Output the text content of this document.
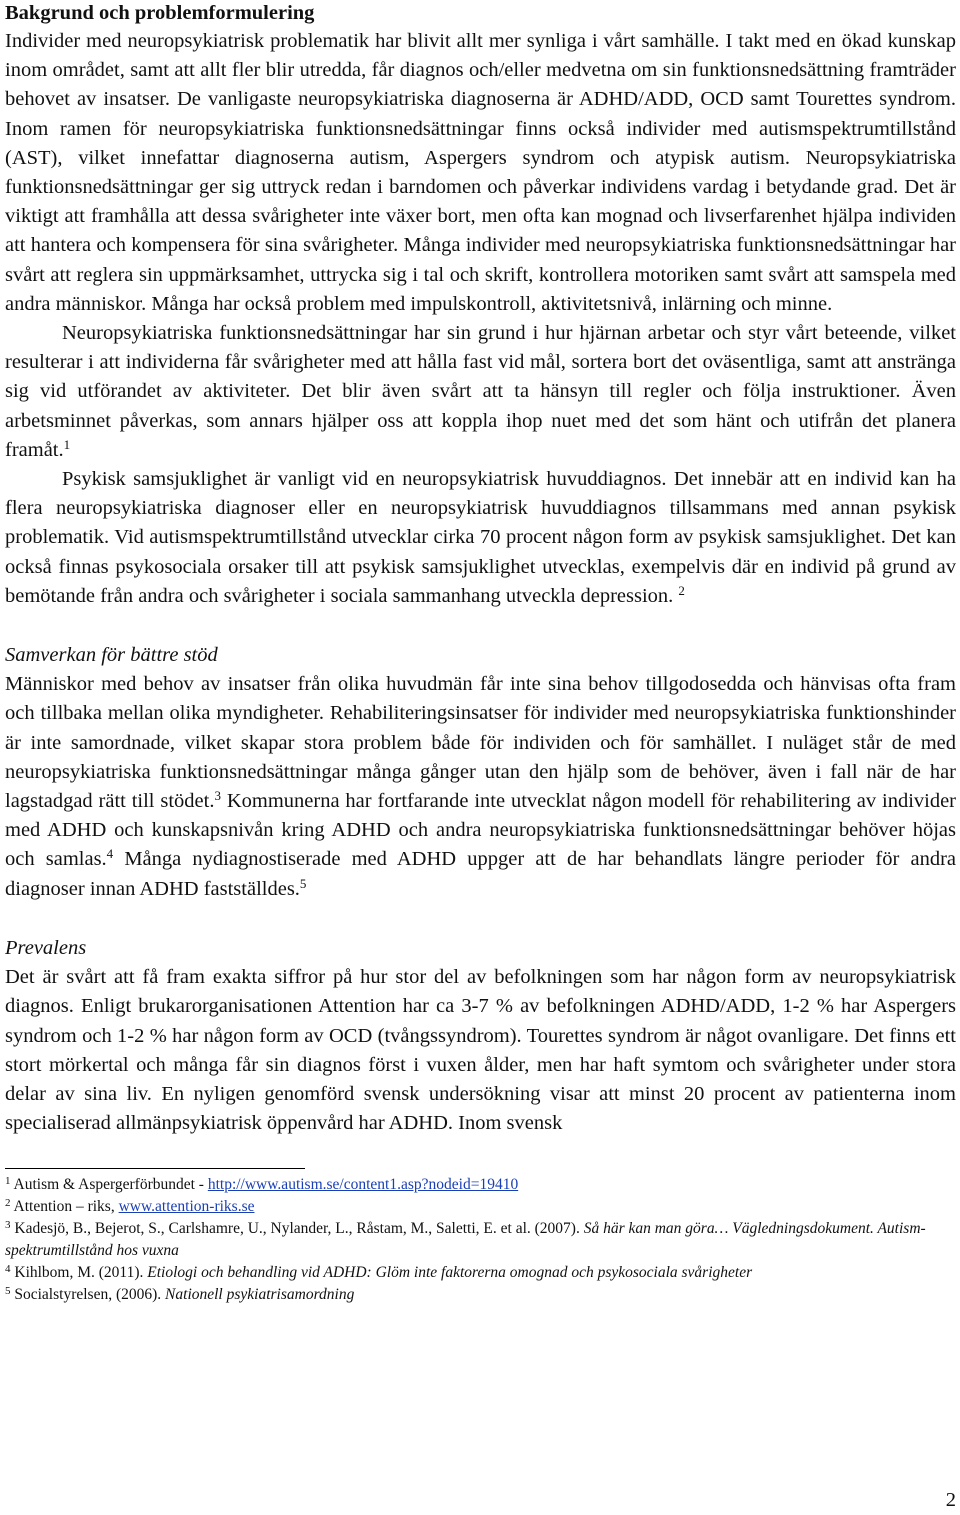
Bakgrund och problemformulering

Individer med neuropsykiatrisk problematik har blivit allt mer synliga i vårt samhälle. I takt med en ökad kunskap inom området, samt att allt fler blir utredda, får diagnos och/eller medvetna om sin funktionsnedsättning framträder behovet av insatser. De vanligaste neuropsykiatriska diagnoserna är ADHD/ADD, OCD samt Tourettes syndrom. Inom ramen för neuropsykiatriska funktionsnedsättningar finns också individer med autismspektrumtillstånd (AST), vilket innefattar diagnoserna autism, Aspergers syndrom och atypisk autism. Neuropsykiatriska funktionsnedsättningar ger sig uttryck redan i barndomen och påverkar individens vardag i betydande grad. Det är viktigt att framhålla att dessa svårigheter inte växer bort, men ofta kan mognad och livserfarenhet hjälpa individen att hantera och kompensera för sina svårigheter. Många individer med neuropsykiatriska funktionsnedsättningar har svårt att reglera sin uppmärksamhet, uttrycka sig i tal och skrift, kontrollera motoriken samt svårt att samspela med andra människor. Många har också problem med impulskontroll, aktivitetsnivå, inlärning och minne.

Neuropsykiatriska funktionsnedsättningar har sin grund i hur hjärnan arbetar och styr vårt beteende, vilket resulterar i att individerna får svårigheter med att hålla fast vid mål, sortera bort det oväsentliga, samt att anstränga sig vid utförandet av aktiviteter. Det blir även svårt att ta hänsyn till regler och följa instruktioner. Även arbetsminnet påverkas, som annars hjälper oss att koppla ihop nuet med det som hänt och utifrån det planera framåt.$^1$

Psykisk samsjuklighet är vanligt vid en neuropsykiatrisk huvuddiagnos. Det innebär att en individ kan ha flera neuropsykiatriska diagnoser eller en neuropsykiatrisk huvuddiagnos tillsammans med annan psykisk problematik. Vid autismspektrumtillstånd utvecklar cirka 70 procent någon form av psykisk samsjuklighet. Det kan också finnas psykosociala orsaker till att psykisk samsjuklighet utvecklas, exempelvis där en individ på grund av bemötande från andra och svårigheter i sociala sammanhang utveckla depression. $^2$

Samverkan för bättre stöd

Människor med behov av insatser från olika huvudmän får inte sina behov tillgodosedda och hänvisas ofta fram och tillbaka mellan olika myndigheter. Rehabiliteringsinsatser för individer med neuropsykiatriska funktionshinder är inte samordnade, vilket skapar stora problem både för individen och för samhället. I nuläget står de med neuropsykiatriska funktionsnedsättningar många gånger utan den hjälp som de behöver, även i fall när de har lagstadgad rätt till stödet.$^3$ Kommunerna har fortfarande inte utvecklat någon modell för rehabilitering av individer med ADHD och kunskapsnivån kring ADHD och andra neuropsykiatriska funktionsnedsättningar behöver höjas och samlas.$^4$ Många nydiagnostiserade med ADHD uppger att de har behandlats längre perioder för andra diagnoser innan ADHD fastställdes.$^5$

Prevalens

Det är svårt att få fram exakta siffror på hur stor del av befolkningen som har någon form av neuropsykiatrisk diagnos. Enligt brukarorganisationen Attention har ca 3-7 % av befolkningen ADHD/ADD, 1-2 % har Aspergers syndrom och 1-2 % har någon form av OCD (tvångssyndrom). Tourettes syndrom är något ovanligare. Det finns ett stort mörkertal och många får sin diagnos först i vuxen ålder, men har haft symtom och svårigheter under stora delar av sina liv. En nyligen genomförd svensk undersökning visar att minst 20 procent av patienterna inom specialiserad allmänpsykiatrisk öppenvård har ADHD. Inom svensk

$^1$ Autism & Aspergerförbundet - http://www.autism.se/content1.asp?nodeid=19410

$^2$ Attention – riks, www.attention-riks.se

$^3$ Kadesjö, B., Bejerot, S., Carlshamre, U., Nylander, L., Råstam, M., Saletti, E. et al. (2007). Så här kan man göra… Vägledningsdokument. Autism-spektrumtillstånd hos vuxna

$^4$ Kihlbom, M. (2011). Etiologi och behandling vid ADHD: Glöm inte faktorerna omognad och psykosociala svårigheter

$^5$ Socialstyrelsen, (2006). Nationell psykiatrisamordning

2
